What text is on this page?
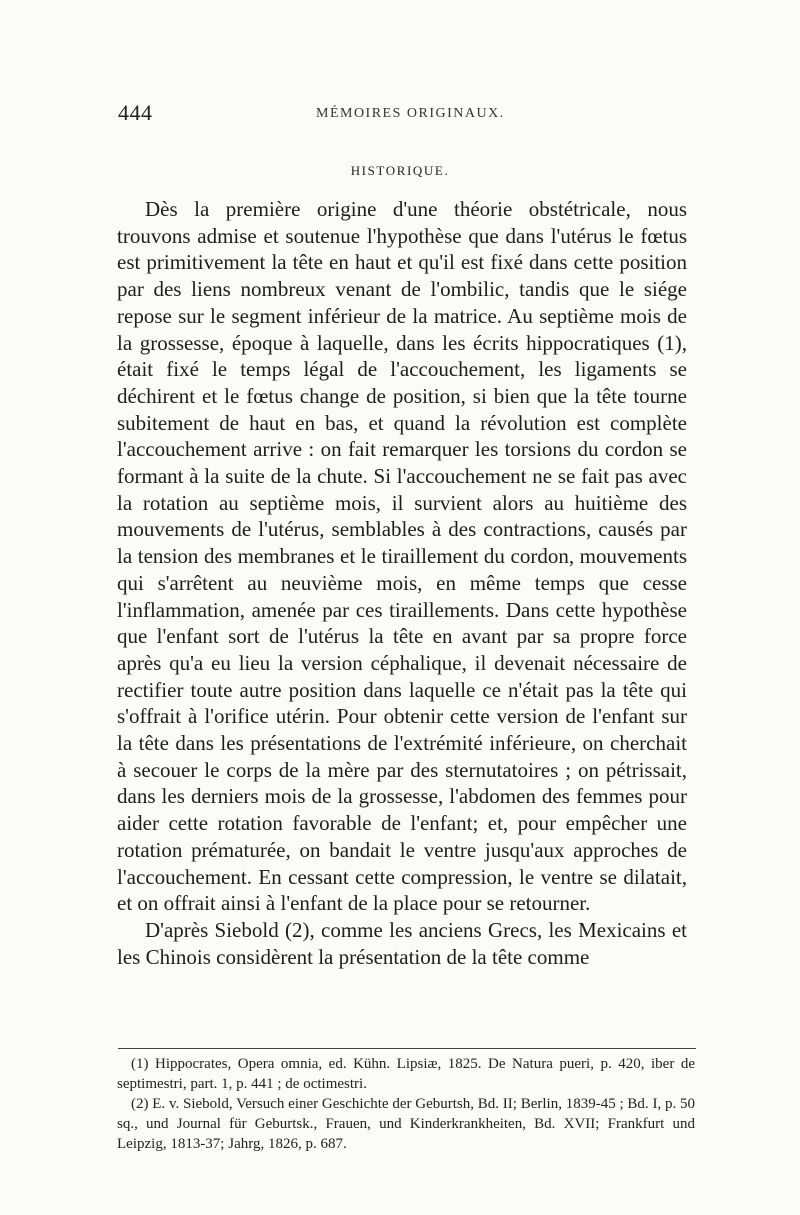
444	MÉMOIRES ORIGINAUX.
HISTORIQUE.

Dès la première origine d'une théorie obstétricale, nous trouvons admise et soutenue l'hypothèse que dans l'utérus le fœtus est primitivement la tête en haut et qu'il est fixé dans cette position par des liens nombreux venant de l'ombilic, tandis que le siége repose sur le segment inférieur de la matrice. Au septième mois de la grossesse, époque à laquelle, dans les écrits hippocratiques (1), était fixé le temps légal de l'accouchement, les ligaments se déchirent et le fœtus change de position, si bien que la tête tourne subitement de haut en bas, et quand la révolution est complète l'accouchement arrive : on fait remarquer les torsions du cordon se formant à la suite de la chute. Si l'accouchement ne se fait pas avec la rotation au septième mois, il survient alors au huitième des mouvements de l'utérus, semblables à des contractions, causés par la tension des membranes et le tiraillement du cordon, mouvements qui s'arrêtent au neuvième mois, en même temps que cesse l'inflammation, amenée par ces tiraillements. Dans cette hypothèse que l'enfant sort de l'utérus la tête en avant par sa propre force après qu'a eu lieu la version céphalique, il devenait nécessaire de rectifier toute autre position dans laquelle ce n'était pas la tête qui s'offrait à l'orifice utérin. Pour obtenir cette version de l'enfant sur la tête dans les présentations de l'extrémité inférieure, on cherchait à secouer le corps de la mère par des sternutatoires ; on pétrissait, dans les derniers mois de la grossesse, l'abdomen des femmes pour aider cette rotation favorable de l'enfant; et, pour empêcher une rotation prématurée, on bandait le ventre jusqu'aux approches de l'accouchement. En cessant cette compression, le ventre se dilatait, et on offrait ainsi à l'enfant de la place pour se retourner.

D'après Siebold (2), comme les anciens Grecs, les Mexicains et les Chinois considèrent la présentation de la tête comme

(1) Hippocrates, Opera omnia, ed. Kühn. Lipsiæ, 1825. De Natura pueri, p. 420, iber de septimestri, part. 1, p. 441 ; de octimestri.

(2) E. v. Siebold, Versuch einer Geschichte der Geburtsh, Bd. II; Berlin, 1839-45 ; Bd. I, p. 50 sq., und Journal für Geburtsk., Frauen, und Kinderkrankheiten, Bd. XVII; Frankfurt und Leipzig, 1813-37; Jahrg, 1826, p. 687.
